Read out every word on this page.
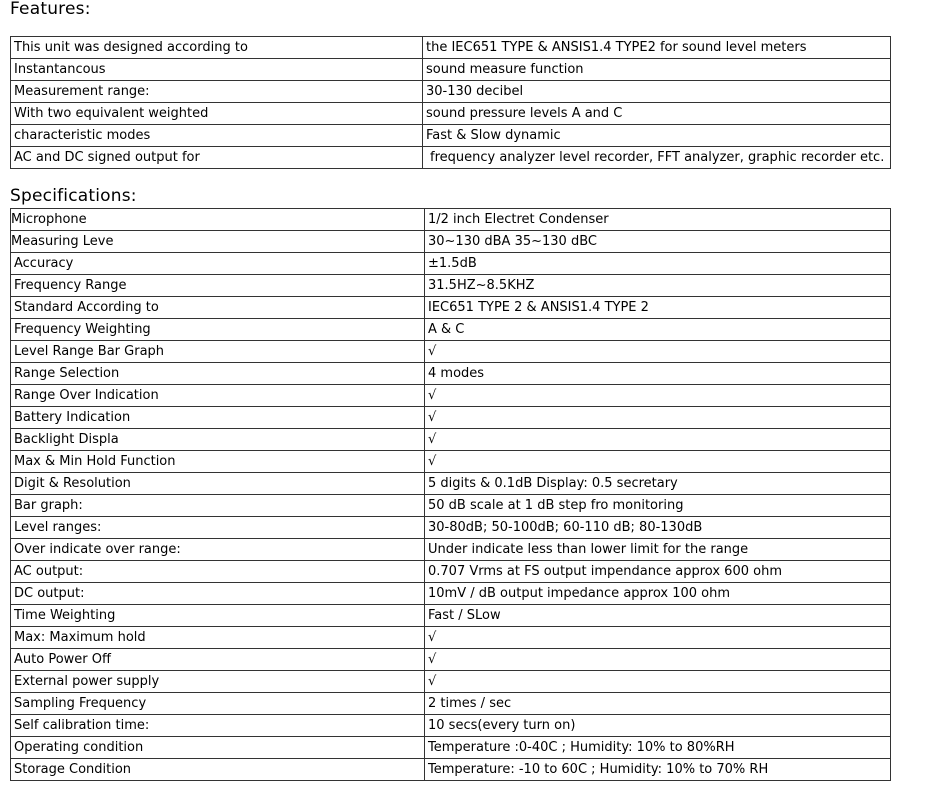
Features:
This unit was designed according to	the IEC651 TYPE & ANSIS1.4 TYPE2 for sound level meters
Instantancous	sound measure function
Measurement range:	30-130 decibel
With two equivalent weighted	sound pressure levels A and C
characteristic modes	Fast & Slow dynamic
AC and DC signed output for	frequency analyzer level recorder, FFT analyzer, graphic recorder etc.
Specifications:
Microphone	1/2 inch Electret Condenser
Measuring Leve	30~130 dBA 35~130 dBC
Accuracy	±1.5dB
Frequency Range	31.5HZ~8.5KHZ
Standard According to	IEC651 TYPE 2 & ANSIS1.4 TYPE 2
Frequency Weighting	A & C
Level Range Bar Graph	√
Range Selection	4 modes
Range Over Indication	√
Battery Indication	√
Backlight Displa	√
Max & Min Hold Function	√
Digit & Resolution	5 digits & 0.1dB Display: 0.5 secretary
Bar graph:	50 dB scale at 1 dB step fro monitoring
Level ranges:	30-80dB; 50-100dB; 60-110 dB; 80-130dB
Over indicate over range:	Under indicate less than lower limit for the range
AC output:	0.707 Vrms at FS output impendance approx 600 ohm
DC output:	10mV / dB output impedance approx 100 ohm
Time Weighting	Fast / SLow
Max: Maximum hold	√
Auto Power Off	√
External power supply	√
Sampling Frequency	2 times / sec
Self calibration time:	10 secs(every turn on)
Operating condition	Temperature :0-40C ; Humidity: 10% to 80%RH
Storage Condition	Temperature: -10 to 60C ; Humidity: 10% to 70% RH
